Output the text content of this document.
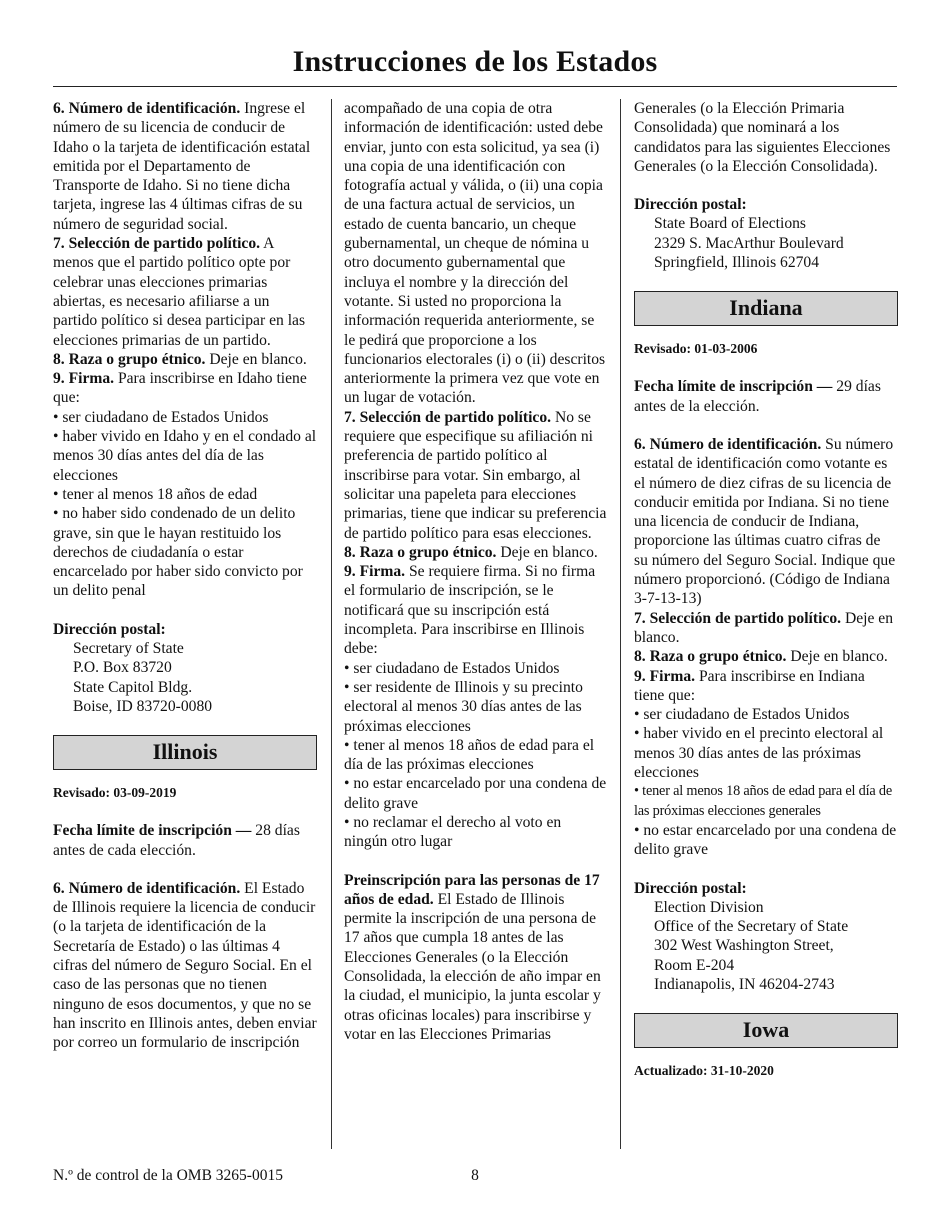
Instrucciones de los Estados

6. Número de identificación. Ingrese el número de su licencia de conducir de Idaho o la tarjeta de identificación estatal emitida por el Departamento de Transporte de Idaho. Si no tiene dicha tarjeta, ingrese las 4 últimas cifras de su número de seguridad social.

7. Selección de partido político. A menos que el partido político opte por celebrar unas elecciones primarias abiertas, es necesario afiliarse a un partido político si desea participar en las elecciones primarias de un partido.

8. Raza o grupo étnico. Deje en blanco.

9. Firma. Para inscribirse en Idaho tiene que:

• ser ciudadano de Estados Unidos

• haber vivido en Idaho y en el condado al menos 30 días antes del día de las elecciones

• tener al menos 18 años de edad

• no haber sido condenado de un delito grave, sin que le hayan restituido los derechos de ciudadanía o estar encarcelado por haber sido convicto por un delito penal

Dirección postal:

Secretary of State

P.O. Box 83720

State Capitol Bldg.

Boise, ID 83720-0080

Illinois

Revisado: 03-09-2019

Fecha límite de inscripción — 28 días antes de cada elección.

6. Número de identificación. El Estado de Illinois requiere la licencia de conducir (o la tarjeta de identificación de la Secretaría de Estado) o las últimas 4 cifras del número de Seguro Social. En el caso de las personas que no tienen ninguno de esos documentos, y que no se han inscrito en Illinois antes, deben enviar por correo un formulario de inscripción

acompañado de una copia de otra información de identificación: usted debe enviar, junto con esta solicitud, ya sea (i) una copia de una identificación con fotografía actual y válida, o (ii) una copia de una factura actual de servicios, un estado de cuenta bancario, un cheque gubernamental, un cheque de nómina u otro documento gubernamental que incluya el nombre y la dirección del votante. Si usted no proporciona la información requerida anteriormente, se le pedirá que proporcione a los funcionarios electorales (i) o (ii) descritos anteriormente la primera vez que vote en un lugar de votación.

7. Selección de partido político. No se requiere que especifique su afiliación ni preferencia de partido político al inscribirse para votar. Sin embargo, al solicitar una papeleta para elecciones primarias, tiene que indicar su preferencia de partido político para esas elecciones.

8. Raza o grupo étnico. Deje en blanco.

9. Firma. Se requiere firma. Si no firma el formulario de inscripción, se le notificará que su inscripción está incompleta. Para inscribirse en Illinois debe:

• ser ciudadano de Estados Unidos

• ser residente de Illinois y su precinto electoral al menos 30 días antes de las próximas elecciones

• tener al menos 18 años de edad para el día de las próximas elecciones

• no estar encarcelado por una condena de delito grave

• no reclamar el derecho al voto en ningún otro lugar

Preinscripción para las personas de 17 años de edad. El Estado de Illinois permite la inscripción de una persona de 17 años que cumpla 18 antes de las Elecciones Generales (o la Elección Consolidada, la elección de año impar en la ciudad, el municipio, la junta escolar y otras oficinas locales) para inscribirse y votar en las Elecciones Primarias

Generales (o la Elección Primaria Consolidada) que nominará a los candidatos para las siguientes Elecciones Generales (o la Elección Consolidada).

Dirección postal:

State Board of Elections

2329 S. MacArthur Boulevard

Springfield, Illinois 62704

Indiana

Revisado: 01-03-2006

Fecha límite de inscripción — 29 días antes de la elección.

6. Número de identificación. Su número estatal de identificación como votante es el número de diez cifras de su licencia de conducir emitida por Indiana. Si no tiene una licencia de conducir de Indiana, proporcione las últimas cuatro cifras de su número del Seguro Social. Indique que número proporcionó. (Código de Indiana 3-7-13-13)

7. Selección de partido político. Deje en blanco.

8. Raza o grupo étnico. Deje en blanco.

9. Firma. Para inscribirse en Indiana tiene que:

• ser ciudadano de Estados Unidos

• haber vivido en el precinto electoral al menos 30 días antes de las próximas elecciones

• tener al menos 18 años de edad para el día de las próximas elecciones generales

• no estar encarcelado por una condena de delito grave

Dirección postal:

Election Division

Office of the Secretary of State

302 West Washington Street,

Room E-204

Indianapolis, IN 46204-2743

Iowa

Actualizado: 31-10-2020

N.º de control de la OMB 3265-0015	8
